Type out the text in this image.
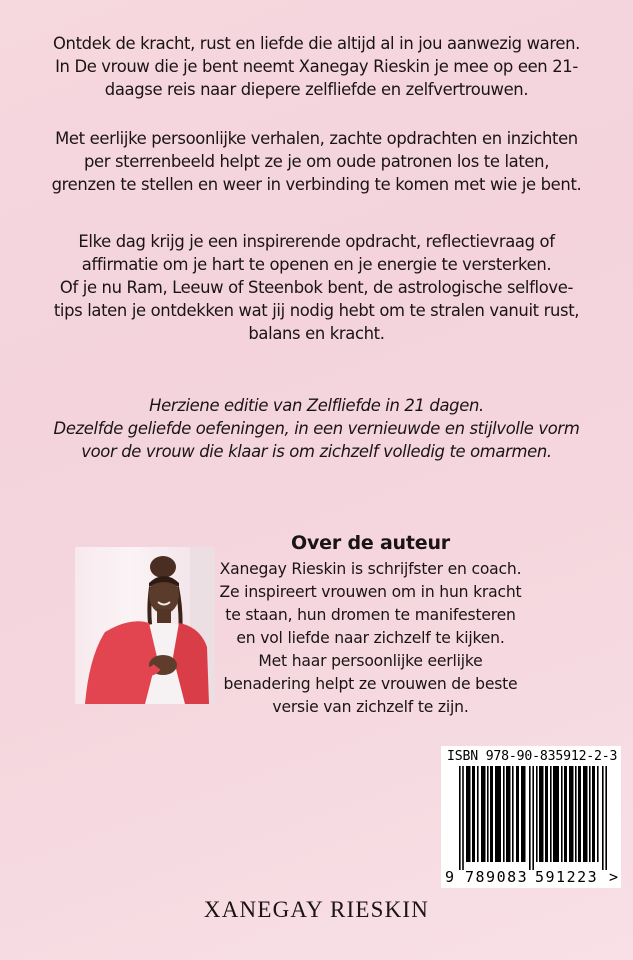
Ontdek de kracht, rust en liefde die altijd al in jou aanwezig waren.
In De vrouw die je bent neemt Xanegay Rieskin je mee op een 21-
daagse reis naar diepere zelfliefde en zelfvertrouwen.
Met eerlijke persoonlijke verhalen, zachte opdrachten en inzichten
per sterrenbeeld helpt ze je om oude patronen los te laten,
grenzen te stellen en weer in verbinding te komen met wie je bent.
Elke dag krijg je een inspirerende opdracht, reflectievraag of
affirmatie om je hart te openen en je energie te versterken.
Of je nu Ram, Leeuw of Steenbok bent, de astrologische selflove-
tips laten je ontdekken wat jij nodig hebt om te stralen vanuit rust,
balans en kracht.
Herziene editie van Zelfliefde in 21 dagen.
Dezelfde geliefde oefeningen, in een vernieuwde en stijlvolle vorm
voor de vrouw die klaar is om zichzelf volledig te omarmen.
Over de auteur
Xanegay Rieskin is schrijfster en coach.
Ze inspireert vrouwen om in hun kracht
te staan, hun dromen te manifesteren
en vol liefde naar zichzelf te kijken.
Met haar persoonlijke eerlijke
benadering helpt ze vrouwen de beste
versie van zichzelf te zijn.
ISBN 978-90-835912-2-3
9 789083 591223 >
XANEGAY RIESKIN
